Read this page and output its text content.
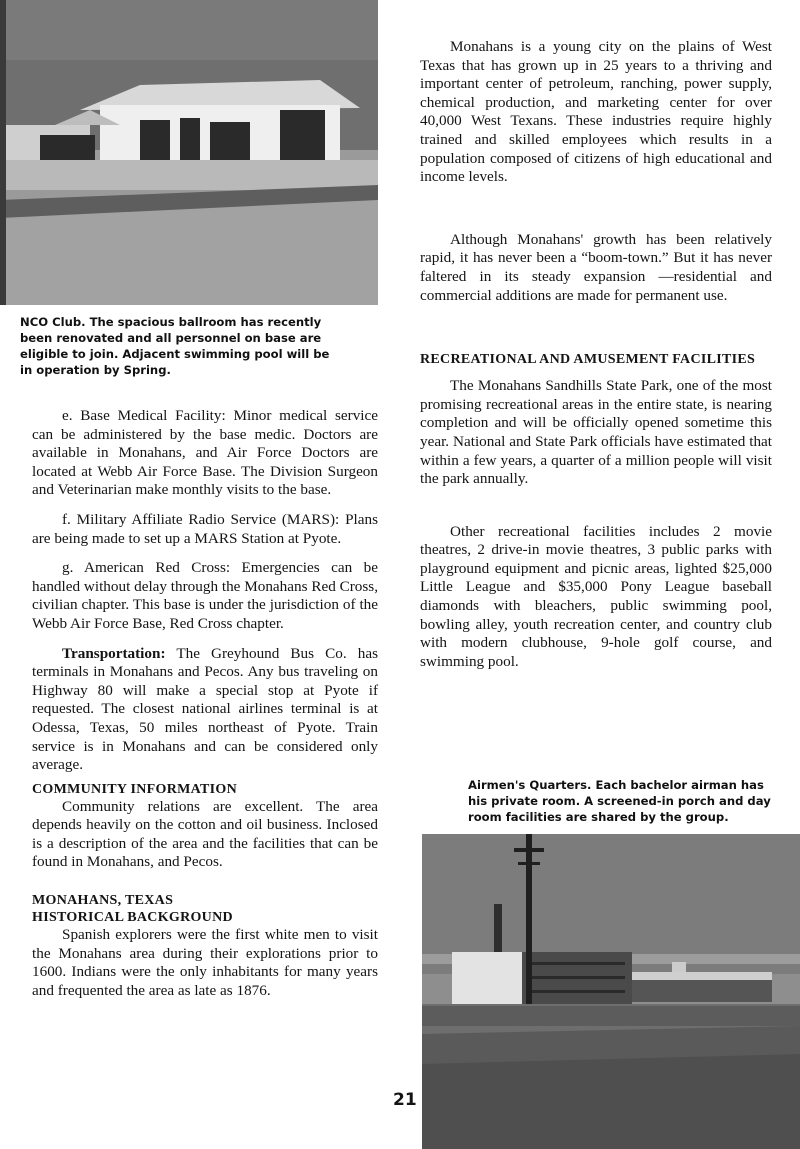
NCO Club. The spacious ballroom has recently been renovated and all personnel on base are eligible to join. Adjacent swimming pool will be in operation by Spring.

e. Base Medical Facility: Minor medical service can be administered by the base medic. Doctors are available in Monahans, and Air Force Doctors are located at Webb Air Force Base. The Division Surgeon and Veterinarian make monthly visits to the base.

f. Military Affiliate Radio Service (MARS): Plans are being made to set up a MARS Station at Pyote.

g. American Red Cross: Emergencies can be handled without delay through the Monahans Red Cross, civilian chapter. This base is under the jurisdiction of the Webb Air Force Base, Red Cross chapter.

Transportation: The Greyhound Bus Co. has terminals in Monahans and Pecos. Any bus traveling on Highway 80 will make a special stop at Pyote if requested. The closest national airlines terminal is at Odessa, Texas, 50 miles northeast of Pyote. Train service is in Monahans and can be considered only average.

COMMUNITY INFORMATION

Community relations are excellent. The area depends heavily on the cotton and oil business. Inclosed is a description of the area and the facilities that can be found in Monahans, and Pecos.

MONAHANS, TEXAS
HISTORICAL BACKGROUND

Spanish explorers were the first white men to visit the Monahans area during their explorations prior to 1600. Indians were the only inhabitants for many years and frequented the area as late as 1876.

Monahans is a young city on the plains of West Texas that has grown up in 25 years to a thriving and important center of petroleum, ranching, power supply, chemical production, and marketing center for over 40,000 West Texans. These industries require highly trained and skilled employees which results in a population composed of citizens of high educational and income levels.

Although Monahans' growth has been relatively rapid, it has never been a “boom-town.” But it has never faltered in its steady expansion —residential and commercial additions are made for permanent use.

RECREATIONAL AND AMUSEMENT FACILITIES

The Monahans Sandhills State Park, one of the most promising recreational areas in the entire state, is nearing completion and will be officially opened sometime this year. National and State Park officials have estimated that within a few years, a quarter of a million people will visit the park annually.

Other recreational facilities includes 2 movie theatres, 2 drive-in movie theatres, 3 public parks with playground equipment and picnic areas, lighted $25,000 Little League and $35,000 Pony League baseball diamonds with bleachers, public swimming pool, bowling alley, youth recreation center, and country club with modern clubhouse, 9-hole golf course, and swimming pool.

Airmen's Quarters. Each bachelor airman has his private room. A screened-in porch and day room facilities are shared by the group.
21
